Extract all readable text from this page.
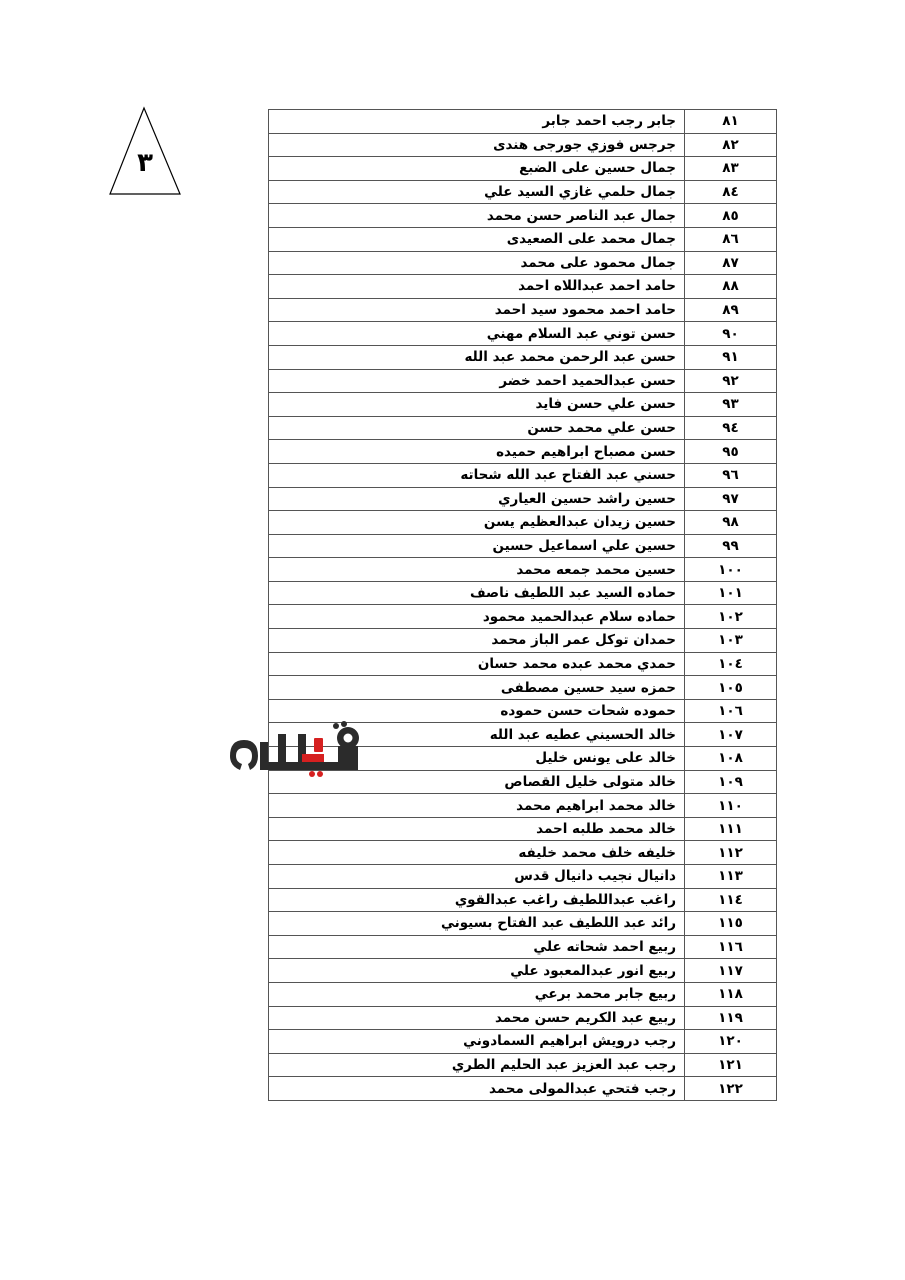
٣
٨١	جابر رجب احمد جابر
٨٢	جرجس فوزي جورجى هندى
٨٣	جمال حسين على الضبع
٨٤	جمال حلمي غازي السيد علي
٨٥	جمال عبد الناصر حسن محمد
٨٦	جمال محمد على الصعيدى
٨٧	جمال محمود على محمد
٨٨	حامد احمد عبداللاه احمد
٨٩	حامد احمد محمود سيد احمد
٩٠	حسن توني عبد السلام مهني
٩١	حسن عبد الرحمن محمد عبد الله
٩٢	حسن عبدالحميد احمد خضر
٩٣	حسن علي حسن فايد
٩٤	حسن علي محمد حسن
٩٥	حسن مصباح ابراهيم حميده
٩٦	حسني عبد الفتاح عبد الله شحاته
٩٧	حسين راشد حسين العياري
٩٨	حسين زيدان عبدالعظيم يسن
٩٩	حسين علي اسماعيل حسين
١٠٠	حسين محمد جمعه محمد
١٠١	حماده السيد عبد اللطيف ناصف
١٠٢	حماده سلام عبدالحميد محمود
١٠٣	حمدان توكل عمر الباز محمد
١٠٤	حمدي محمد عبده محمد حسان
١٠٥	حمزه سيد حسين مصطفى
١٠٦	حموده شحات حسن حموده
١٠٧	خالد الحسيني عطيه عبد الله
١٠٨	خالد على يونس خليل
١٠٩	خالد متولى خليل القصاص
١١٠	خالد محمد ابراهيم محمد
١١١	خالد محمد طلبه احمد
١١٢	خليفه خلف محمد خليفه
١١٣	دانيال نجيب دانيال قدس
١١٤	راغب عبداللطيف راغب عبدالقوي
١١٥	رائد عبد اللطيف عبد الفتاح بسيوني
١١٦	ربيع احمد شحاته علي
١١٧	ربيع انور عبدالمعبود علي
١١٨	ربيع جابر محمد برعي
١١٩	ربيع عبد الكريم حسن محمد
١٢٠	رجب درويش ابراهيم السمادوني
١٢١	رجب عبد العزيز عبد الحليم الطري
١٢٢	رجب فتحي عبدالمولى محمد
